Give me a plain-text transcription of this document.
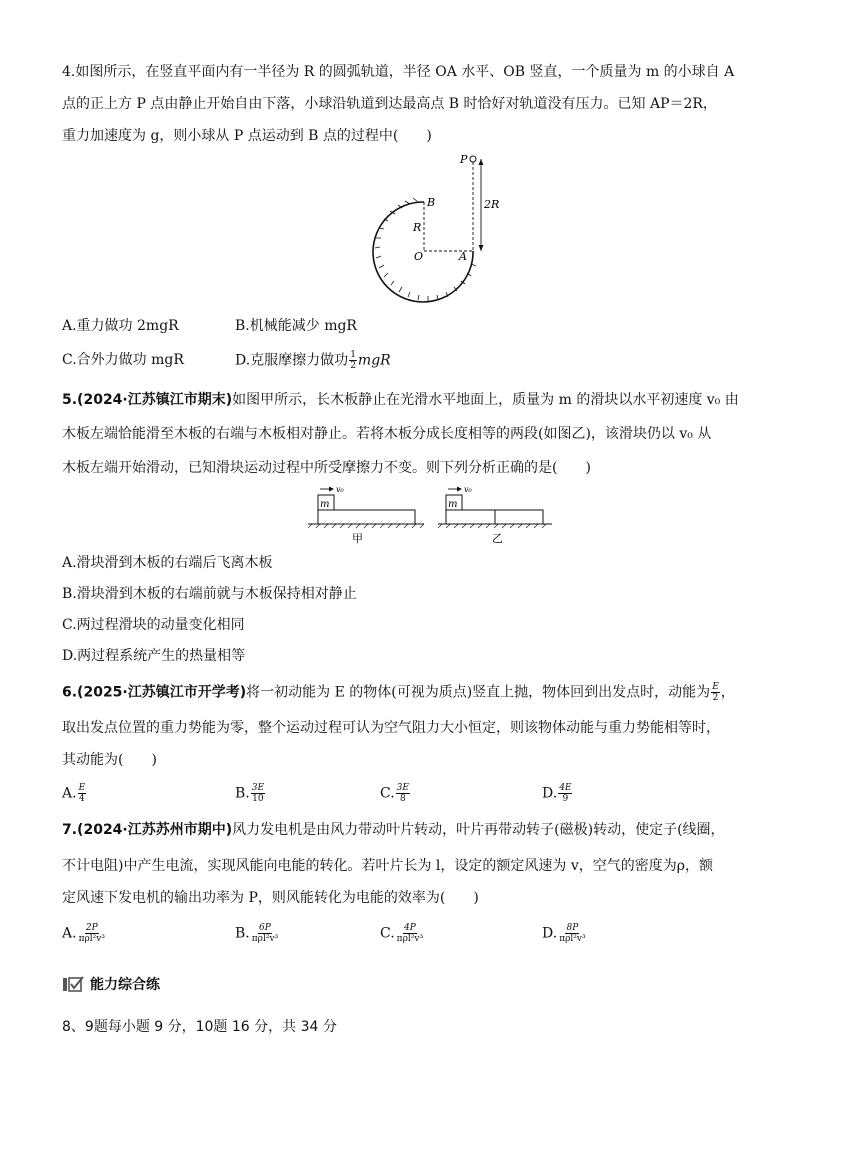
4.如图所示，在竖直平面内有一半径为 R 的圆弧轨道，半径 OA 水平、OB 竖直，一个质量为 m 的小球自 A
点的正上方 P 点由静止开始自由下落，小球沿轨道到达最高点 B 时恰好对轨道没有压力。已知 AP＝2R，
重力加速度为 g，则小球从 P 点运动到 B 点的过程中(　　)
P
B
R
O	A
2R
A.重力做功 2mgR	B.机械能减少 mgR
C.合外力做功 mgR	D.克服摩擦力做功 $\frac{1}{2}$ mgR
5.(2024·江苏镇江市期末)如图甲所示，长木板静止在光滑水平地面上，质量为 m 的滑块以水平初速度 v₀ 由
木板左端恰能滑至木板的右端与木板相对静止。若将木板分成长度相等的两段(如图乙)，该滑块仍以 v₀ 从
木板左端开始滑动，已知滑块运动过程中所受摩擦力不变。则下列分析正确的是(　　)
m
v₀
甲
m
v₀
乙
A.滑块滑到木板的右端后飞离木板
B.滑块滑到木板的右端前就与木板保持相对静止
C.两过程滑块的动量变化相同
D.两过程系统产生的热量相等
6.(2025·江苏镇江市开学考)将一初动能为 E 的物体(可视为质点)竖直上抛，物体回到出发点时，动能为 $\frac{E}{2}$ ，
取出发点位置的重力势能为零，整个运动过程可认为空气阻力大小恒定，则该物体动能与重力势能相等时，
其动能为(　　)
A. $\frac{E}{4}$	B. $\frac{3E}{10}$	C. $\frac{3E}{8}$	D. $\frac{4E}{9}$
7.(2024·江苏苏州市期中)风力发电机是由风力带动叶片转动，叶片再带动转子(磁极)转动，使定子(线圈，
不计电阻)中产生电流，实现风能向电能的转化。若叶片长为 l，设定的额定风速为 v，空气的密度为ρ，额
定风速下发电机的输出功率为 P，则风能转化为电能的效率为(　　)
A. $\frac{2P}{\text{πρl²v³}}$	B. $\frac{6P}{\text{πρl²v³}}$	C. $\frac{4P}{\text{πρl²v³}}$	D. $\frac{8P}{\text{πρl²v³}}$
能力综合练
8、9题每小题 9 分，10题 16 分，共 34 分
